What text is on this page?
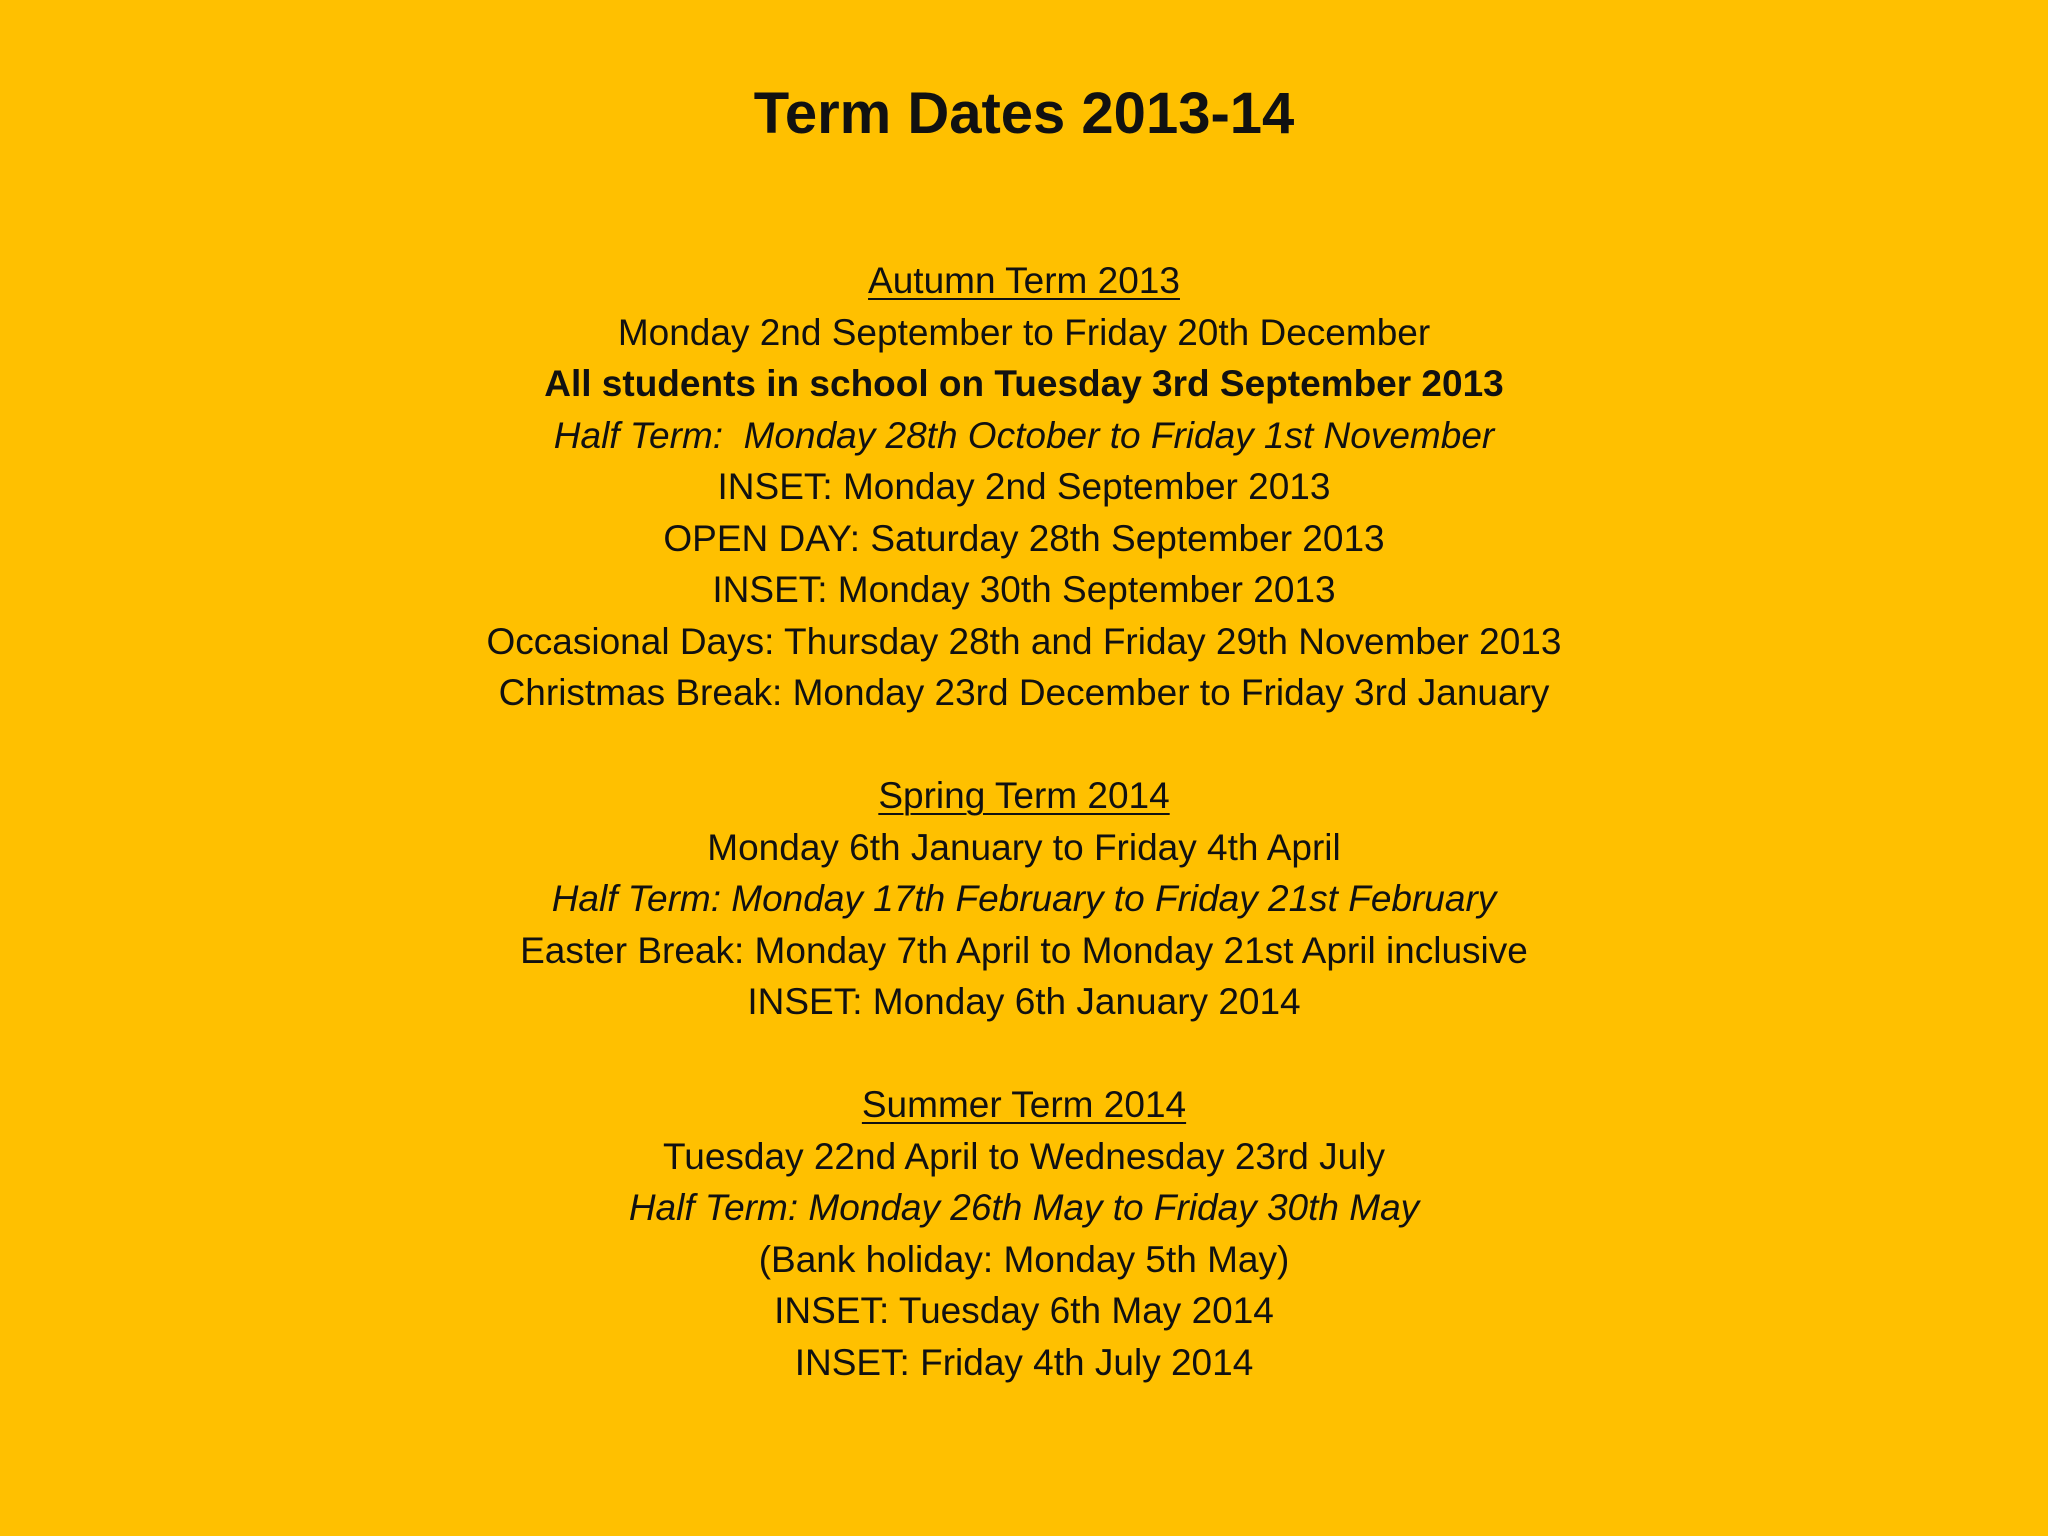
Term Dates 2013-14
Autumn Term 2013
Monday 2nd September to Friday 20th December
All students in school on Tuesday 3rd September 2013
Half Term:  Monday 28th October to Friday 1st November
INSET: Monday 2nd September 2013
OPEN DAY: Saturday 28th September 2013
INSET: Monday 30th September 2013
Occasional Days: Thursday 28th and Friday 29th November 2013
Christmas Break: Monday 23rd December to Friday 3rd January
Spring Term 2014
Monday 6th January to Friday 4th April
Half Term: Monday 17th February to Friday 21st February
Easter Break: Monday 7th April to Monday 21st April inclusive
INSET: Monday 6th January 2014
Summer Term 2014
Tuesday 22nd April to Wednesday 23rd July
Half Term: Monday 26th May to Friday 30th May
(Bank holiday: Monday 5th May)
INSET: Tuesday 6th May 2014
INSET: Friday 4th July 2014
